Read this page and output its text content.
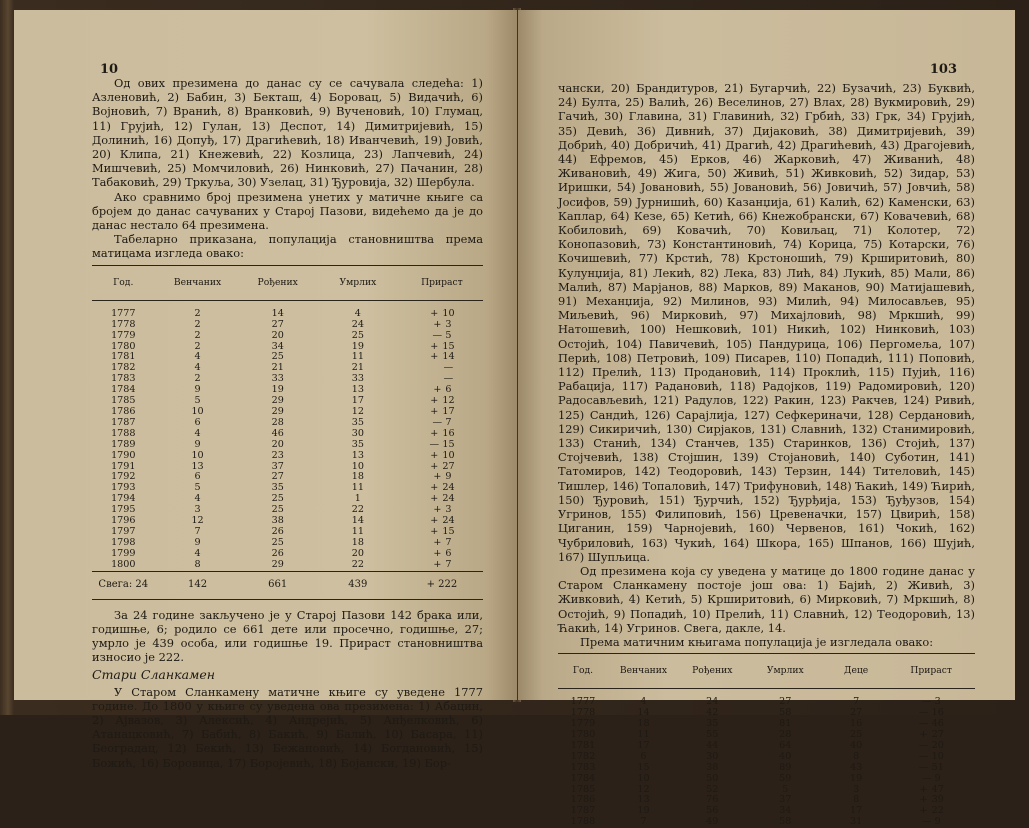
10

Од ових презимена до данас су се сачувала следећа: 1) Азленовић, 2) Бабин, 3) Бекташ, 4) Боровац, 5) Видачић, 6) Војновић, 7) Вранић, 8) Вранковић, 9) Вученовић, 10) Глумац, 11) Грујић, 12) Гулан, 13) Деспот, 14) Димитријевић, 15) Долинић, 16) Допуђ, 17) Драгићевић, 18) Иванчевић, 19) Јовић, 20) Клипа, 21) Кнежевић, 22) Козлица, 23) Лапчевић, 24) Мишчевић, 25) Момчиловић, 26) Нинковић, 27) Пачанин, 28) Табаковић, 29) Тркуља, 30) Узелац, 31) Ђуровија, 32) Шербула.

Ако сравнимо број презимена унетих у матичне књиге са бројем до данас сачуваних у Старој Пазови, видећемо да је до данас нестало 64 презимена.

Табеларно приказана, популација становништва према матицама изгледа овако:

Год.	Венчаних	Рођених	Умрлих	Прираст
1777	2	14	4	+ 10
1778	2	27	24	+ 3
1779	2	20	25	— 5
1780	2	34	19	+ 15
1781	4	25	11	+ 14
1782	4	21	21	—
1783	2	33	33	—
1784	9	19	13	+ 6
1785	5	29	17	+ 12
1786	10	29	12	+ 17
1787	6	28	35	— 7
1788	4	46	30	+ 16
1789	9	20	35	— 15
1790	10	23	13	+ 10
1791	13	37	10	+ 27
1792	6	27	18	+ 9
1793	5	35	11	+ 24
1794	4	25	1	+ 24
1795	3	25	22	+ 3
1796	12	38	14	+ 24
1797	7	26	11	+ 15
1798	9	25	18	+ 7
1799	4	26	20	+ 6
1800	8	29	22	+ 7
Свега: 24	142	661	439	+ 222

За 24 године закључено је у Старој Пазови 142 брака или, годишње, 6; родило се 661 дете или просечно, годишње, 27; умрло је 439 особа, или годишње 19. Прираст становништва износио је 222.

Стари Сланкамен

У Старом Сланкамену матичне књиге су уведене 1777 године. До 1800 у књиге су уведена ова презимена: 1) Абацин, 2) Ајвазов, 3) Алексић, 4) Андрејић, 5) Анђелковић, 6) Атанацковић, 7) Бабић, 8) Бакић, 9) Балић, 10) Басара, 11) Београдац, 12) Бекић, 13) Бежановић, 14) Богдановић, 15) Божић, 16) Боровица, 17) Боројевић, 18) Бојански, 19) Бор-

103

чански, 20) Брандитуров, 21) Бугарчић, 22) Бузачић, 23) Буквић, 24) Булта, 25) Валић, 26) Веселинов, 27) Влах, 28) Вукмировић, 29) Гачић, 30) Главина, 31) Главинић, 32) Грбић, 33) Грк, 34) Грујић, 35) Девић, 36) Дивнић, 37) Дијаковић, 38) Димитријевић, 39) Добрић, 40) Добричић, 41) Драгић, 42) Драгићевић, 43) Драгојевић, 44) Ефремов, 45) Ерков, 46) Жарковић, 47) Живанић, 48) Живановић, 49) Жига, 50) Живић, 51) Живковић, 52) Зидар, 53) Иришки, 54) Јовановић, 55) Јовановић, 56) Јовичић, 57) Јовчић, 58) Јосифов, 59) Јурнишић, 60) Казанџија, 61) Калић, 62) Каменски, 63) Каплар, 64) Кезе, 65) Кетић, 66) Кнежобрански, 67) Ковачевић, 68) Кобиловић, 69) Ковачић, 70) Ковиљац, 71) Колотер, 72) Конопазовић, 73) Константиновић, 74) Корица, 75) Котарски, 76) Кочишевић, 77) Крстић, 78) Крстоношић, 79) Крширитовић, 80) Кулунџија, 81) Лекић, 82) Лека, 83) Лић, 84) Лукић, 85) Мали, 86) Малић, 87) Марјанов, 88) Марков, 89) Маканов, 90) Матијашевић, 91) Механџија, 92) Милинов, 93) Милић, 94) Милосављев, 95) Миљевић, 96) Мирковић, 97) Михајловић, 98) Мркшић, 99) Натошевић, 100) Нешковић, 101) Никић, 102) Нинковић, 103) Остојић, 104) Павичевић, 105) Пандурица, 106) Пергомеља, 107) Перић, 108) Петровић, 109) Писарев, 110) Попадић, 111) Поповић, 112) Прелић, 113) Продановић, 114) Проклић, 115) Пујић, 116) Рабација, 117) Радановић, 118) Радојков, 119) Радомировић, 120) Радосављевић, 121) Радулов, 122) Ракин, 123) Ракчев, 124) Ривић, 125) Сандић, 126) Сарајлија, 127) Сефкериначи, 128) Сердановић, 129) Сикиричић, 130) Сирјаков, 131) Славнић, 132) Станимировић, 133) Станић, 134) Станчев, 135) Старинков, 136) Стојић, 137) Стојчевић, 138) Стојшин, 139) Стојановић, 140) Суботин, 141) Татомиров, 142) Теодоровић, 143) Терзин, 144) Тителовић, 145) Тишлер, 146) Топаловић, 147) Трифуновић, 148) Ћакић, 149) Ћирић, 150) Ђуровић, 151) Ђурчић, 152) Ђурђија, 153) Ђуђузов, 154) Угринов, 155) Филиповић, 156) Цревеначки, 157) Цвирић, 158) Циганин, 159) Чарнојевић, 160) Червенов, 161) Чокић, 162) Чубриловић, 163) Чукић, 164) Шкора, 165) Шпанов, 166) Шујић, 167) Шупљица.

Од презимена која су уведена у матице до 1800 године данас у Старом Сланкамену постоје још ова: 1) Бајић, 2) Живић, 3) Живковић, 4) Кетић, 5) Крширитовић, 6) Мирковић, 7) Мркшић, 8) Остојић, 9) Попадић, 10) Прелић, 11) Славнић, 12) Теодоровић, 13) Ћакић, 14) Угринов. Свега, дакле, 14.

Према матичним књигама популација је изгледала овако:

Год.	Венчаних	Рођених	Умрлих	Деце	Прираст
1777	4	24	27	7	— 3
1778	14	42	58	27	— 16
1779	18	35	81	16	— 46
1780	11	55	28	25	+ 27
1781	17	44	64	40	— 20
1782	6	30	40	8	— 10
1783	15	38	89	43	— 51
1784	10	50	59	19	— 9
1785	12	52	5	3	+ 47
1786	13	76	37	8	+ 39
1787	19	56	34	17	+ 22
1788	7	49	58	31	— 9
